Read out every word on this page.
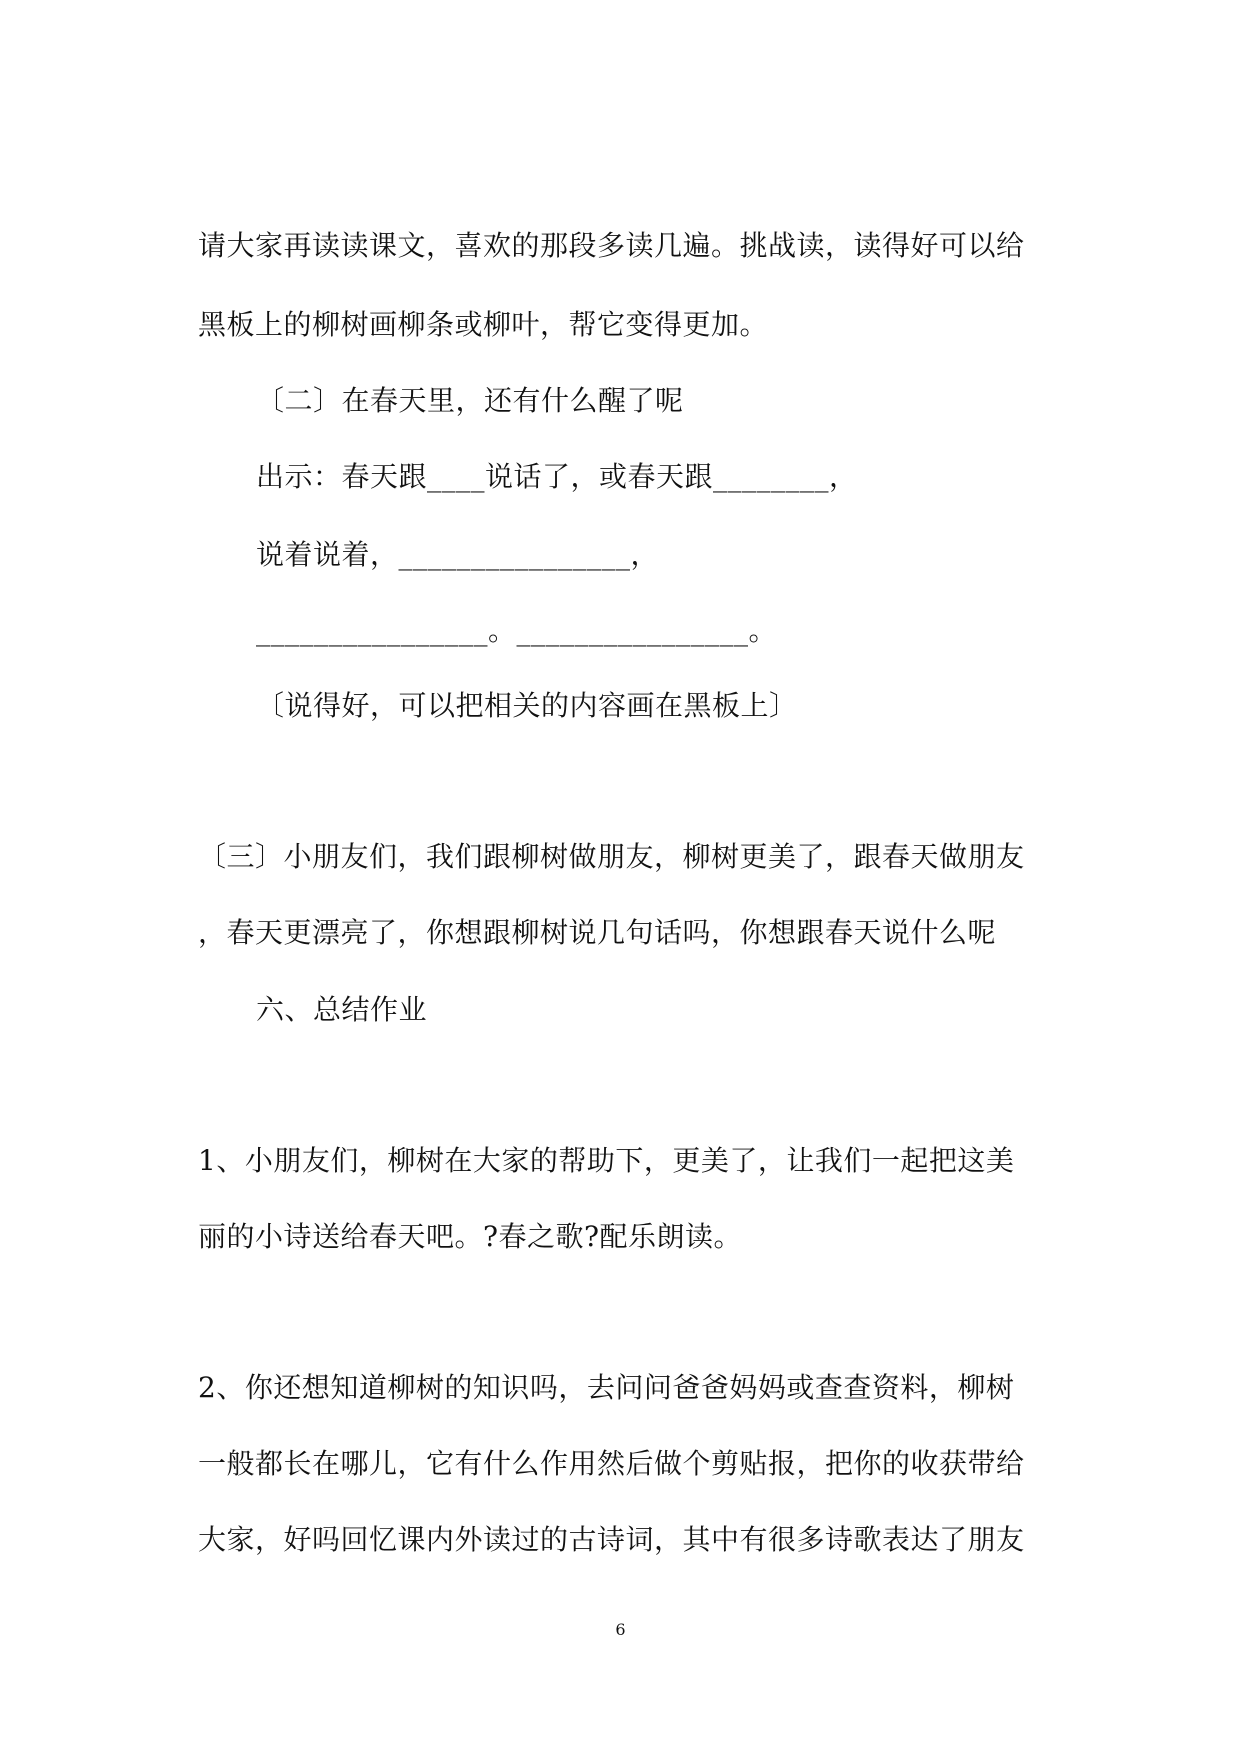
请大家再读读课文，喜欢的那段多读几遍。挑战读，读得好可以给
黑板上的柳树画柳条或柳叶，帮它变得更加。
〔二〕在春天里，还有什么醒了呢
出示：春天跟____说话了，或春天跟________，
说着说着，________________，
________________。________________。
〔说得好，可以把相关的内容画在黑板上〕
〔三〕小朋友们，我们跟柳树做朋友，柳树更美了，跟春天做朋友
，春天更漂亮了，你想跟柳树说几句话吗，你想跟春天说什么呢
六、总结作业
1、小朋友们，柳树在大家的帮助下，更美了，让我们一起把这美
丽的小诗送给春天吧。?春之歌?配乐朗读。
2、你还想知道柳树的知识吗，去问问爸爸妈妈或查查资料，柳树
一般都长在哪儿，它有什么作用然后做个剪贴报，把你的收获带给
大家，好吗回忆课内外读过的古诗词，其中有很多诗歌表达了朋友
6
